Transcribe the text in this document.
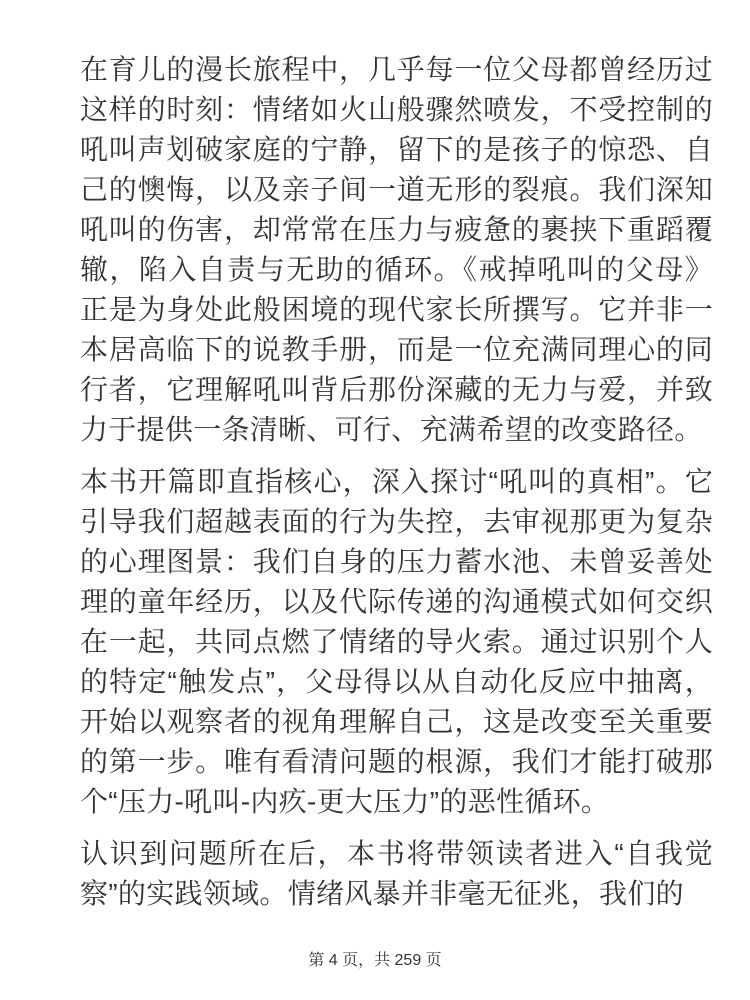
在育儿的漫长旅程中，几乎每一位父母都曾经历过这样的时刻：情绪如火山般骤然喷发，不受控制的吼叫声划破家庭的宁静，留下的是孩子的惊恐、自己的懊悔，以及亲子间一道无形的裂痕。我们深知吼叫的伤害，却常常在压力与疲惫的裹挟下重蹈覆辙，陷入自责与无助的循环。《戒掉吼叫的父母》正是为身处此般困境的现代家长所撰写。它并非一本居高临下的说教手册，而是一位充满同理心的同行者，它理解吼叫背后那份深藏的无力与爱，并致力于提供一条清晰、可行、充满希望的改变路径。

本书开篇即直指核心，深入探讨“吼叫的真相”。它引导我们超越表面的行为失控，去审视那更为复杂的心理图景：我们自身的压力蓄水池、未曾妥善处理的童年经历，以及代际传递的沟通模式如何交织在一起，共同点燃了情绪的导火索。通过识别个人的特定“触发点”，父母得以从自动化反应中抽离，开始以观察者的视角理解自己，这是改变至关重要的第一步。唯有看清问题的根源，我们才能打破那个“压力-吼叫-内疚-更大压力”的恶性循环。

认识到问题所在后，本书将带领读者进入“自我觉察”的实践领域。情绪风暴并非毫无征兆，我们的

第 4 页，共 259 页
